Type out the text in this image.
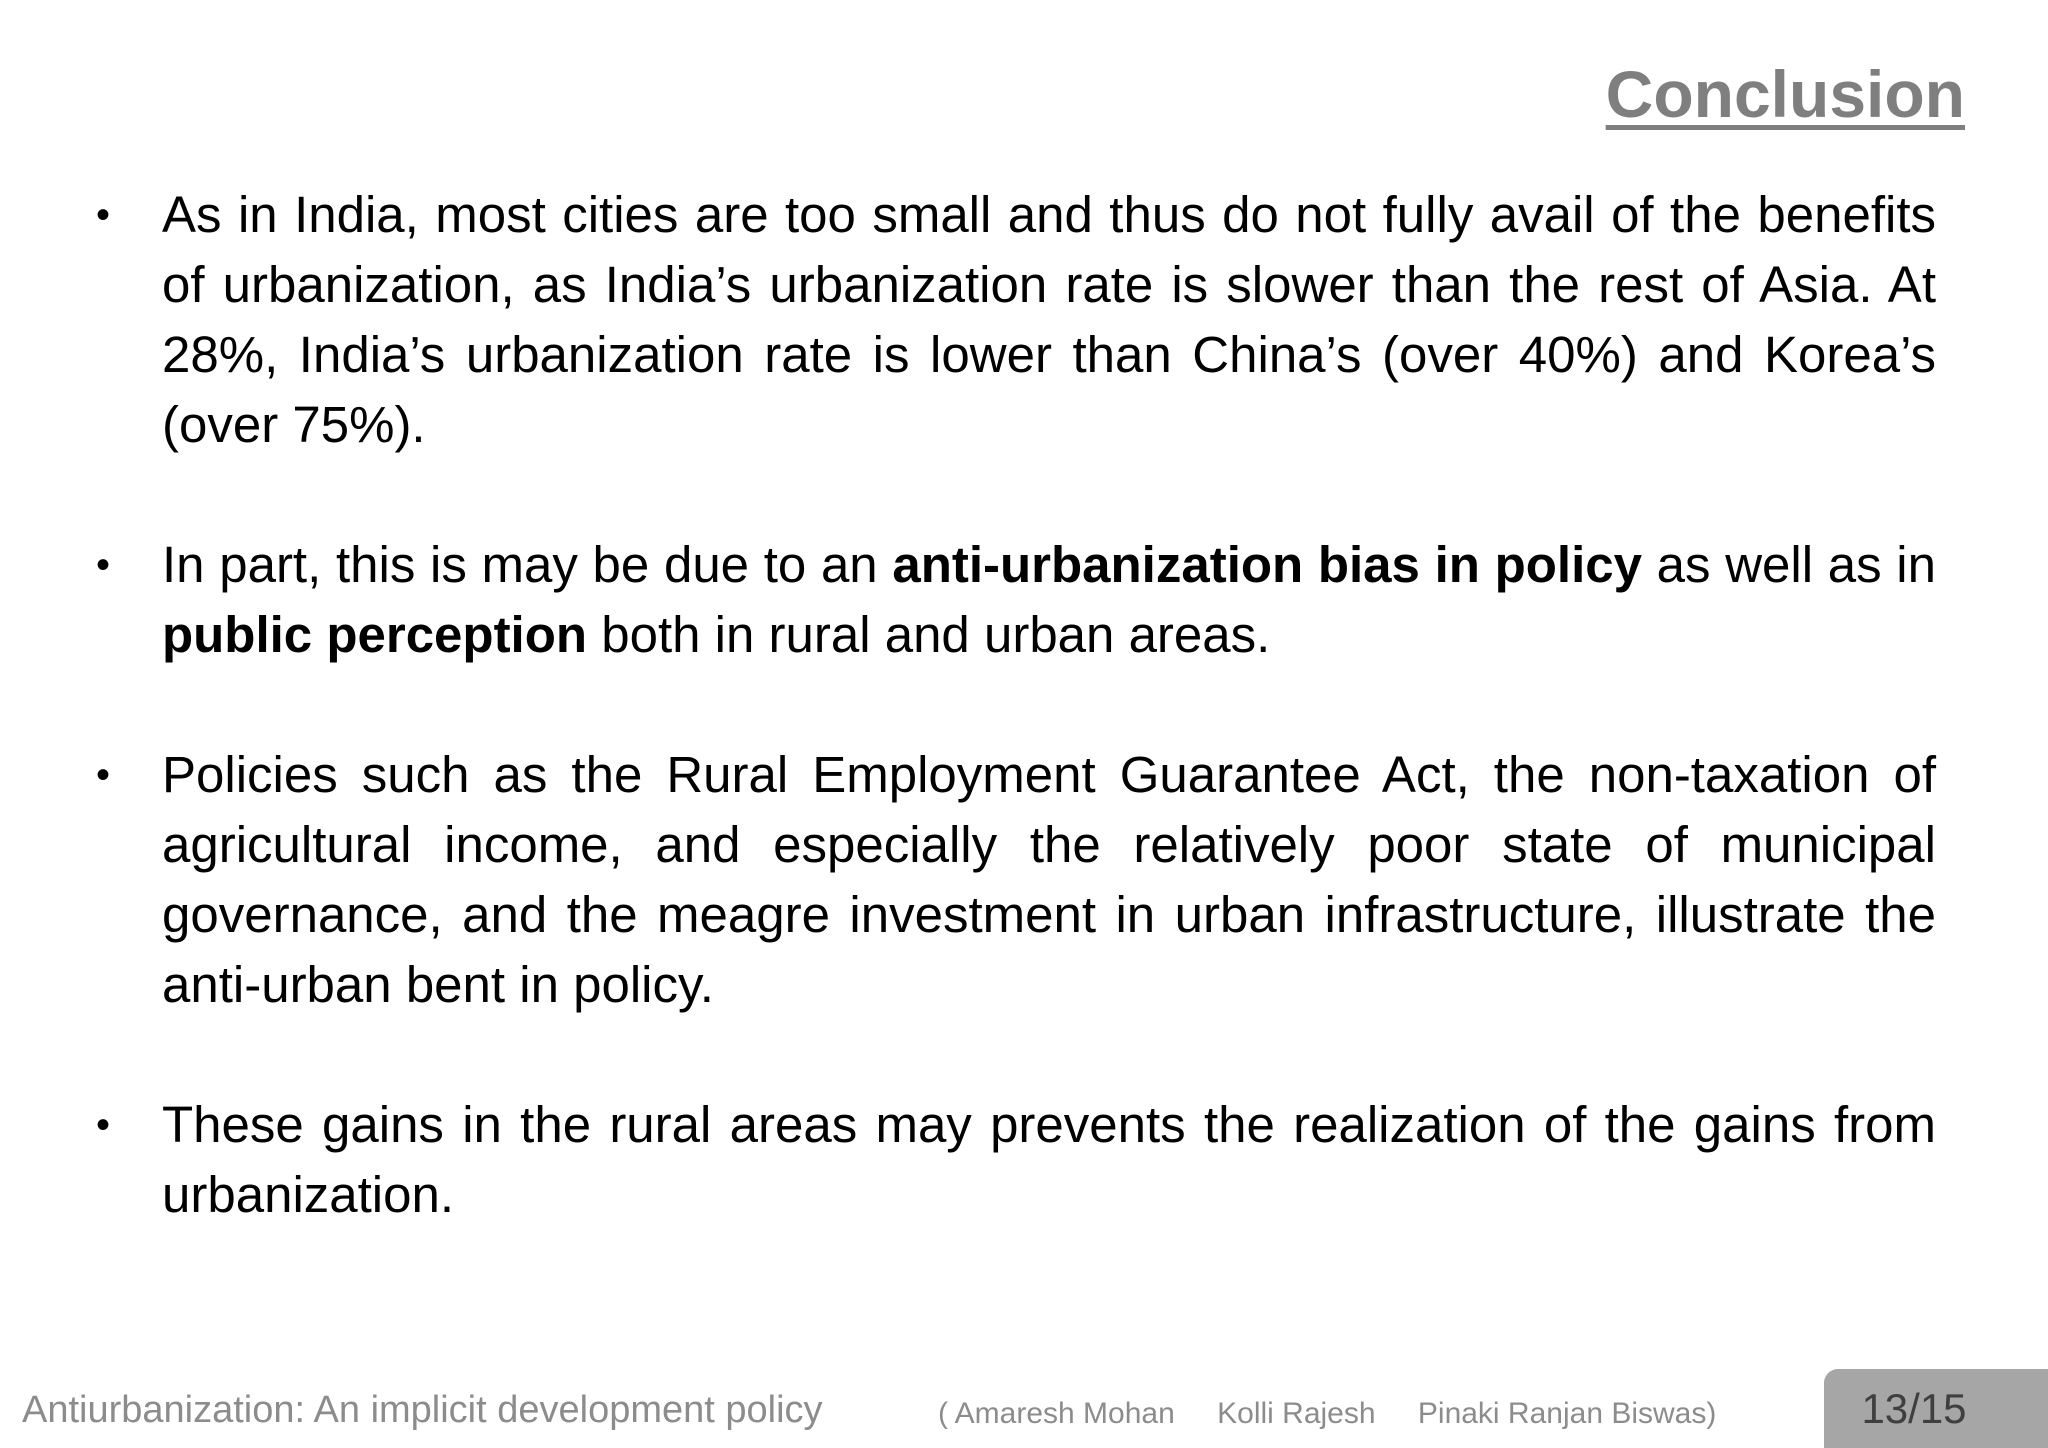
Conclusion
•	As in India, most cities are too small and thus do not fully avail of the benefits of urbanization, as India’s urbanization rate is slower than the rest of Asia. At 28%, India’s urbanization rate is lower than China’s (over 40%) and Korea’s (over 75%).
•	In part, this is may be due to an anti-urbanization bias in policy as well as in public perception both in rural and urban areas.
•	Policies such as the Rural Employment Guarantee Act, the non-taxation of agricultural income, and especially the relatively poor state of municipal governance, and the meagre investment in urban infrastructure, illustrate the anti-urban bent in policy.
•	These gains in the rural areas may prevents the realization of the gains from urbanization.
Antiurbanization: An implicit development policy	( Amaresh Mohan Kolli Rajesh Pinaki Ranjan Biswas)	13/15
